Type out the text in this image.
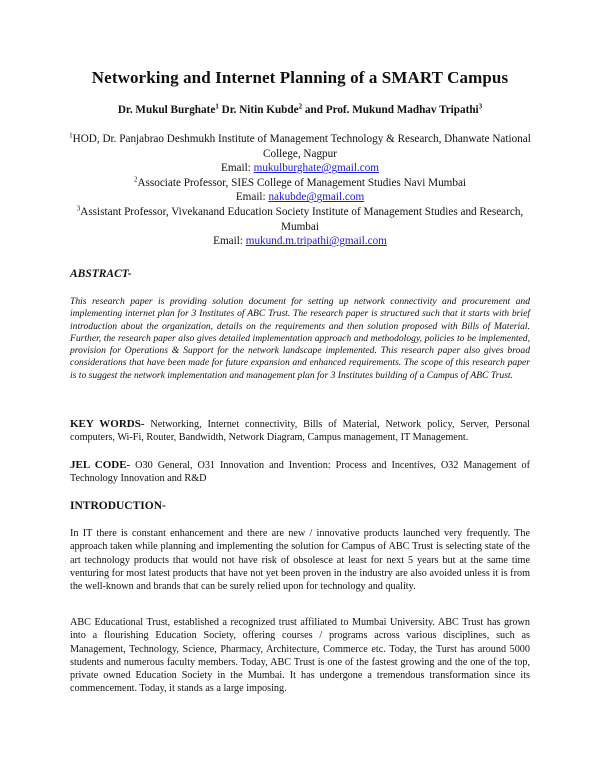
Networking and Internet Planning of a SMART Campus
Dr. Mukul Burghate$^1$ Dr. Nitin Kubde$^2$ and Prof. Mukund Madhav Tripathi$^3$
$^1$HOD, Dr. Panjabrao Deshmukh Institute of Management Technology & Research, Dhanwate National College, Nagpur
Email: mukulburghate@gmail.com
$^2$Associate Professor, SIES College of Management Studies Navi Mumbai
Email: nakubde@gmail.com
$^3$Assistant Professor, Vivekanand Education Society Institute of Management Studies and Research, Mumbai
Email: mukund.m.tripathi@gmail.com
ABSTRACT-
This research paper is providing solution document for setting up network connectivity and procurement and implementing internet plan for 3 Institutes of ABC Trust. The research paper is structured such that it starts with brief introduction about the organization, details on the requirements and then solution proposed with Bills of Material. Further, the research paper also gives detailed implementation approach and methodology, policies to be implemented, provision for Operations & Support for the network landscape implemented. This research paper also gives broad considerations that have been made for future expansion and enhanced requirements. The scope of this research paper is to suggest the network implementation and management plan for 3 Institutes building of a Campus of ABC Trust.
KEY WORDS- Networking, Internet connectivity, Bills of Material, Network policy, Server, Personal computers, Wi-Fi, Router, Bandwidth, Network Diagram, Campus management, IT Management.
JEL CODE- O30 General, O31 Innovation and Invention: Process and Incentives, O32 Management of Technology Innovation and R&D
INTRODUCTION-
In IT there is constant enhancement and there are new / innovative products launched very frequently. The approach taken while planning and implementing the solution for Campus of ABC Trust is selecting state of the art technology products that would not have risk of obsolesce at least for next 5 years but at the same time venturing for most latest products that have not yet been proven in the industry are also avoided unless it is from the well-known and brands that can be surely relied upon for technology and quality.
ABC Educational Trust, established a recognized trust affiliated to Mumbai University. ABC Trust has grown into a flourishing Education Society, offering courses / programs across various disciplines, such as Management, Technology, Science, Pharmacy, Architecture, Commerce etc. Today, the Turst has around 5000 students and numerous faculty members. Today, ABC Trust is one of the fastest growing and the one of the top, private owned Education Society in the Mumbai. It has undergone a tremendous transformation since its commencement. Today, it stands as a large imposing.
